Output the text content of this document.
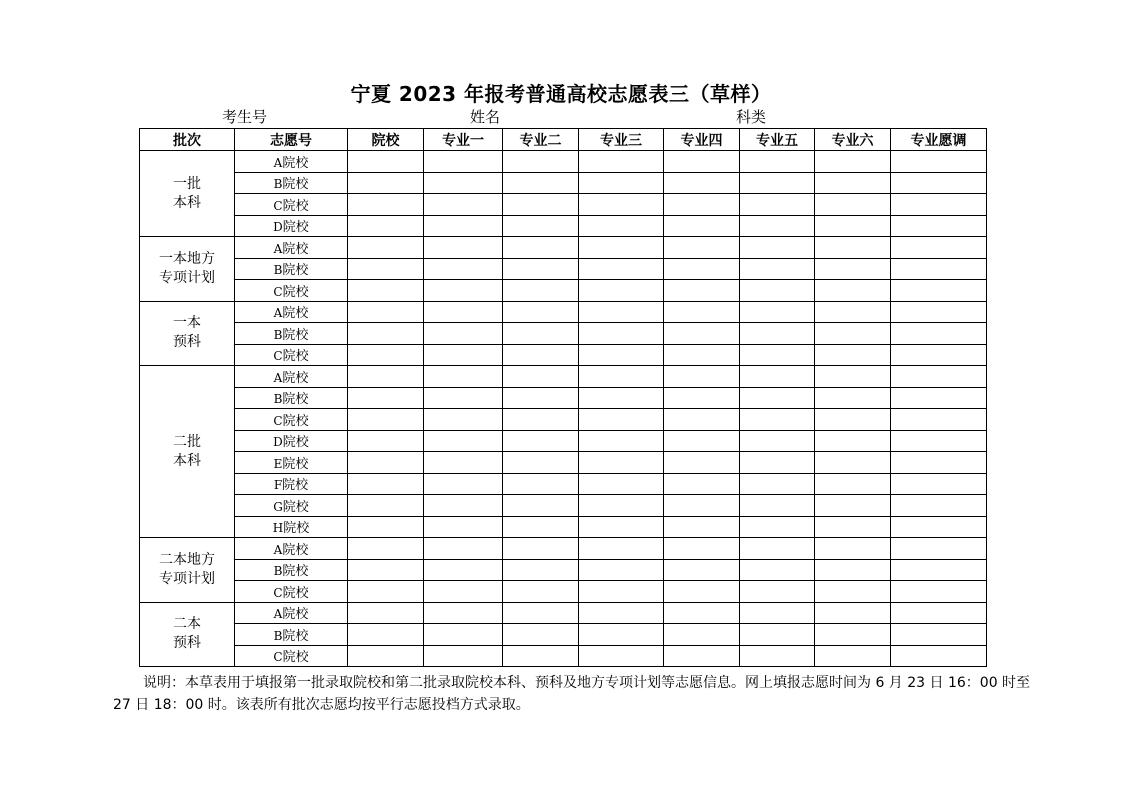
宁夏 2023 年报考普通高校志愿表三（草样）
考生号	姓名	科类
批次	志愿号	院校	专业一	专业二	专业三	专业四	专业五	专业六	专业愿调

一批
本科	A院校								
	B院校								
	C院校								
	D院校								

一本地方
专项计划	A院校								
	B院校								
	C院校								

一本
预科	A院校								
	B院校								
	C院校								

二批
本科	A院校								
	B院校								
	C院校								
	D院校								
	E院校								
	F院校								
	G院校								
	H院校								

二本地方
专项计划	A院校								
	B院校								
	C院校								

二本
预科	A院校								
	B院校								
	C院校								
说明：本草表用于填报第一批录取院校和第二批录取院校本科、预科及地方专项计划等志愿信息。网上填报志愿时间为 6 月 23 日 16：00 时至 27 日 18：00 时。该表所有批次志愿均按平行志愿投档方式录取。
